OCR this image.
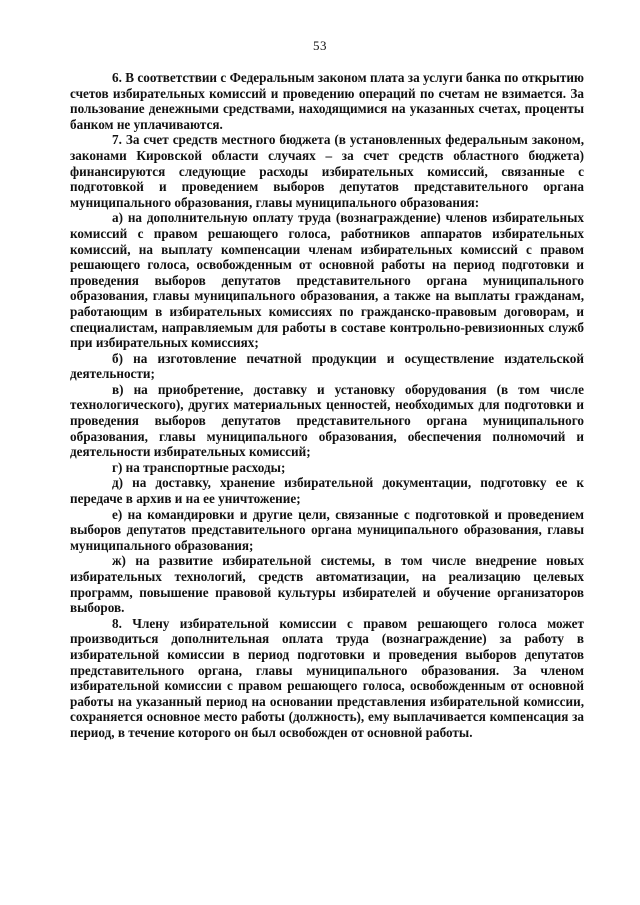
53

6. В соответствии с Федеральным законом плата за услуги банка по открытию счетов избирательных комиссий и проведению операций по счетам не взимается. За пользование денежными средствами, находящимися на указанных счетах, проценты банком не уплачиваются.

7. За счет средств местного бюджета (в установленных федеральным законом, законами Кировской области случаях – за счет средств областного бюджета) финансируются следующие расходы избирательных комиссий, связанные с подготовкой и проведением выборов депутатов представительного органа муниципального образования, главы муниципального образования:

а) на дополнительную оплату труда (вознаграждение) членов избирательных комиссий с правом решающего голоса, работников аппаратов избирательных комиссий, на выплату компенсации членам избирательных комиссий с правом решающего голоса, освобожденным от основной работы на период подготовки и проведения выборов депутатов представительного органа муниципального образования, главы муниципального образования, а также на выплаты гражданам, работающим в избирательных комиссиях по гражданско-правовым договорам, и специалистам, направляемым для работы в составе контрольно-ревизионных служб при избирательных комиссиях;

б) на изготовление печатной продукции и осуществление издательской деятельности;

в) на приобретение, доставку и установку оборудования (в том числе технологического), других материальных ценностей, необходимых для подготовки и проведения выборов депутатов представительного органа муниципального образования, главы муниципального образования, обеспечения полномочий и деятельности избирательных комиссий;

г) на транспортные расходы;

д) на доставку, хранение избирательной документации, подготовку ее к передаче в архив и на ее уничтожение;

е) на командировки и другие цели, связанные с подготовкой и проведением выборов депутатов представительного органа муниципального образования, главы муниципального образования;

ж) на развитие избирательной системы, в том числе внедрение новых избирательных технологий, средств автоматизации, на реализацию целевых программ, повышение правовой культуры избирателей и обучение организаторов выборов.

8. Члену избирательной комиссии с правом решающего голоса может производиться дополнительная оплата труда (вознаграждение) за работу в избирательной комиссии в период подготовки и проведения выборов депутатов представительного органа, главы муниципального образования. За членом избирательной комиссии с правом решающего голоса, освобожденным от основной работы на указанный период на основании представления избирательной комиссии, сохраняется основное место работы (должность), ему выплачивается компенсация за период, в течение которого он был освобожден от основной работы.
